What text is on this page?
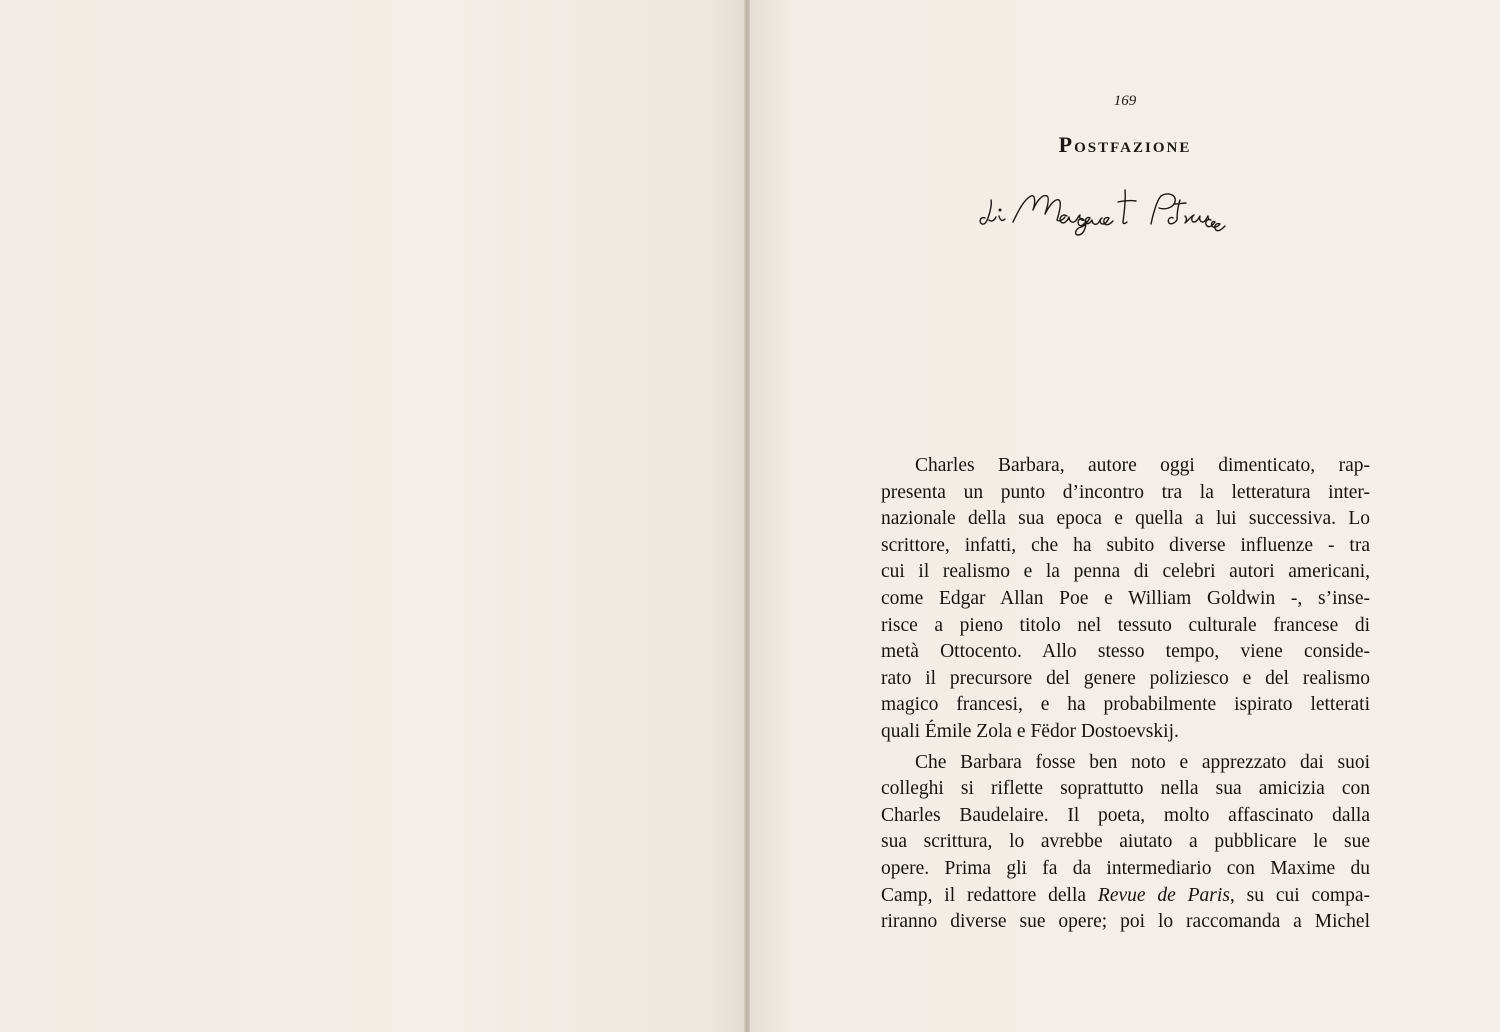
169

Postfazione

Charles Barbara, autore oggi dimenticato, rap-
presenta un punto d’incontro tra la letteratura inter-
nazionale della sua epoca e quella a lui successiva. Lo
scrittore, infatti, che ha subito diverse influenze - tra
cui il realismo e la penna di celebri autori americani,
come Edgar Allan Poe e William Goldwin -, s’inse-
risce a pieno titolo nel tessuto culturale francese di
metà Ottocento. Allo stesso tempo, viene conside-
rato il precursore del genere poliziesco e del realismo
magico francesi, e ha probabilmente ispirato letterati
quali Émile Zola e Fëdor Dostoevskij.

Che Barbara fosse ben noto e apprezzato dai suoi
colleghi si riflette soprattutto nella sua amicizia con
Charles Baudelaire. Il poeta, molto affascinato dalla
sua scrittura, lo avrebbe aiutato a pubblicare le sue
opere. Prima gli fa da intermediario con Maxime du
Camp, il redattore della Revue de Paris, su cui compa-
riranno diverse sue opere; poi lo raccomanda a Michel
